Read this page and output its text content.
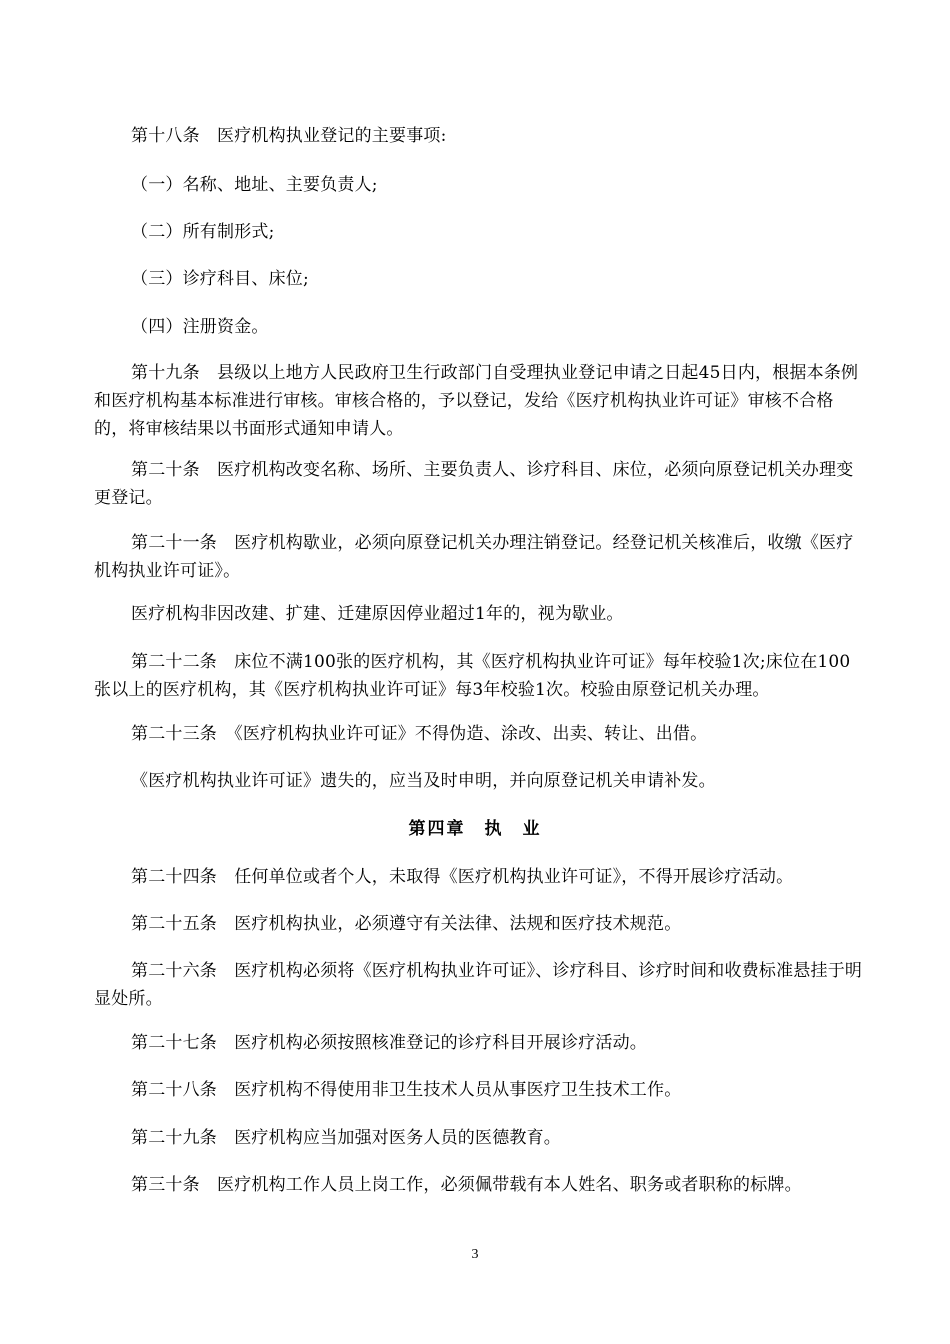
第十八条　医疗机构执业登记的主要事项:

（一）名称、地址、主要负责人;

（二）所有制形式;

（三）诊疗科目、床位;

（四）注册资金。

第十九条　县级以上地方人民政府卫生行政部门自受理执业登记申请之日起45日内，根据本条例和医疗机构基本标准进行审核。审核合格的，予以登记，发给《医疗机构执业许可证》审核不合格的，将审核结果以书面形式通知申请人。

第二十条　医疗机构改变名称、场所、主要负责人、诊疗科目、床位，必须向原登记机关办理变更登记。

第二十一条　医疗机构歇业，必须向原登记机关办理注销登记。经登记机关核准后，收缴《医疗机构执业许可证》。

医疗机构非因改建、扩建、迁建原因停业超过1年的，视为歇业。

第二十二条　床位不满100张的医疗机构，其《医疗机构执业许可证》每年校验1次;床位在100张以上的医疗机构，其《医疗机构执业许可证》每3年校验1次。校验由原登记机关办理。

第二十三条　《医疗机构执业许可证》不得伪造、涂改、出卖、转让、出借。

《医疗机构执业许可证》遗失的，应当及时申明，并向原登记机关申请补发。

第四章　执　业

第二十四条　任何单位或者个人，未取得《医疗机构执业许可证》，不得开展诊疗活动。

第二十五条　医疗机构执业，必须遵守有关法律、法规和医疗技术规范。

第二十六条　医疗机构必须将《医疗机构执业许可证》、诊疗科目、诊疗时间和收费标准悬挂于明显处所。

第二十七条　医疗机构必须按照核准登记的诊疗科目开展诊疗活动。

第二十八条　医疗机构不得使用非卫生技术人员从事医疗卫生技术工作。

第二十九条　医疗机构应当加强对医务人员的医德教育。

第三十条　医疗机构工作人员上岗工作，必须佩带载有本人姓名、职务或者职称的标牌。

3
